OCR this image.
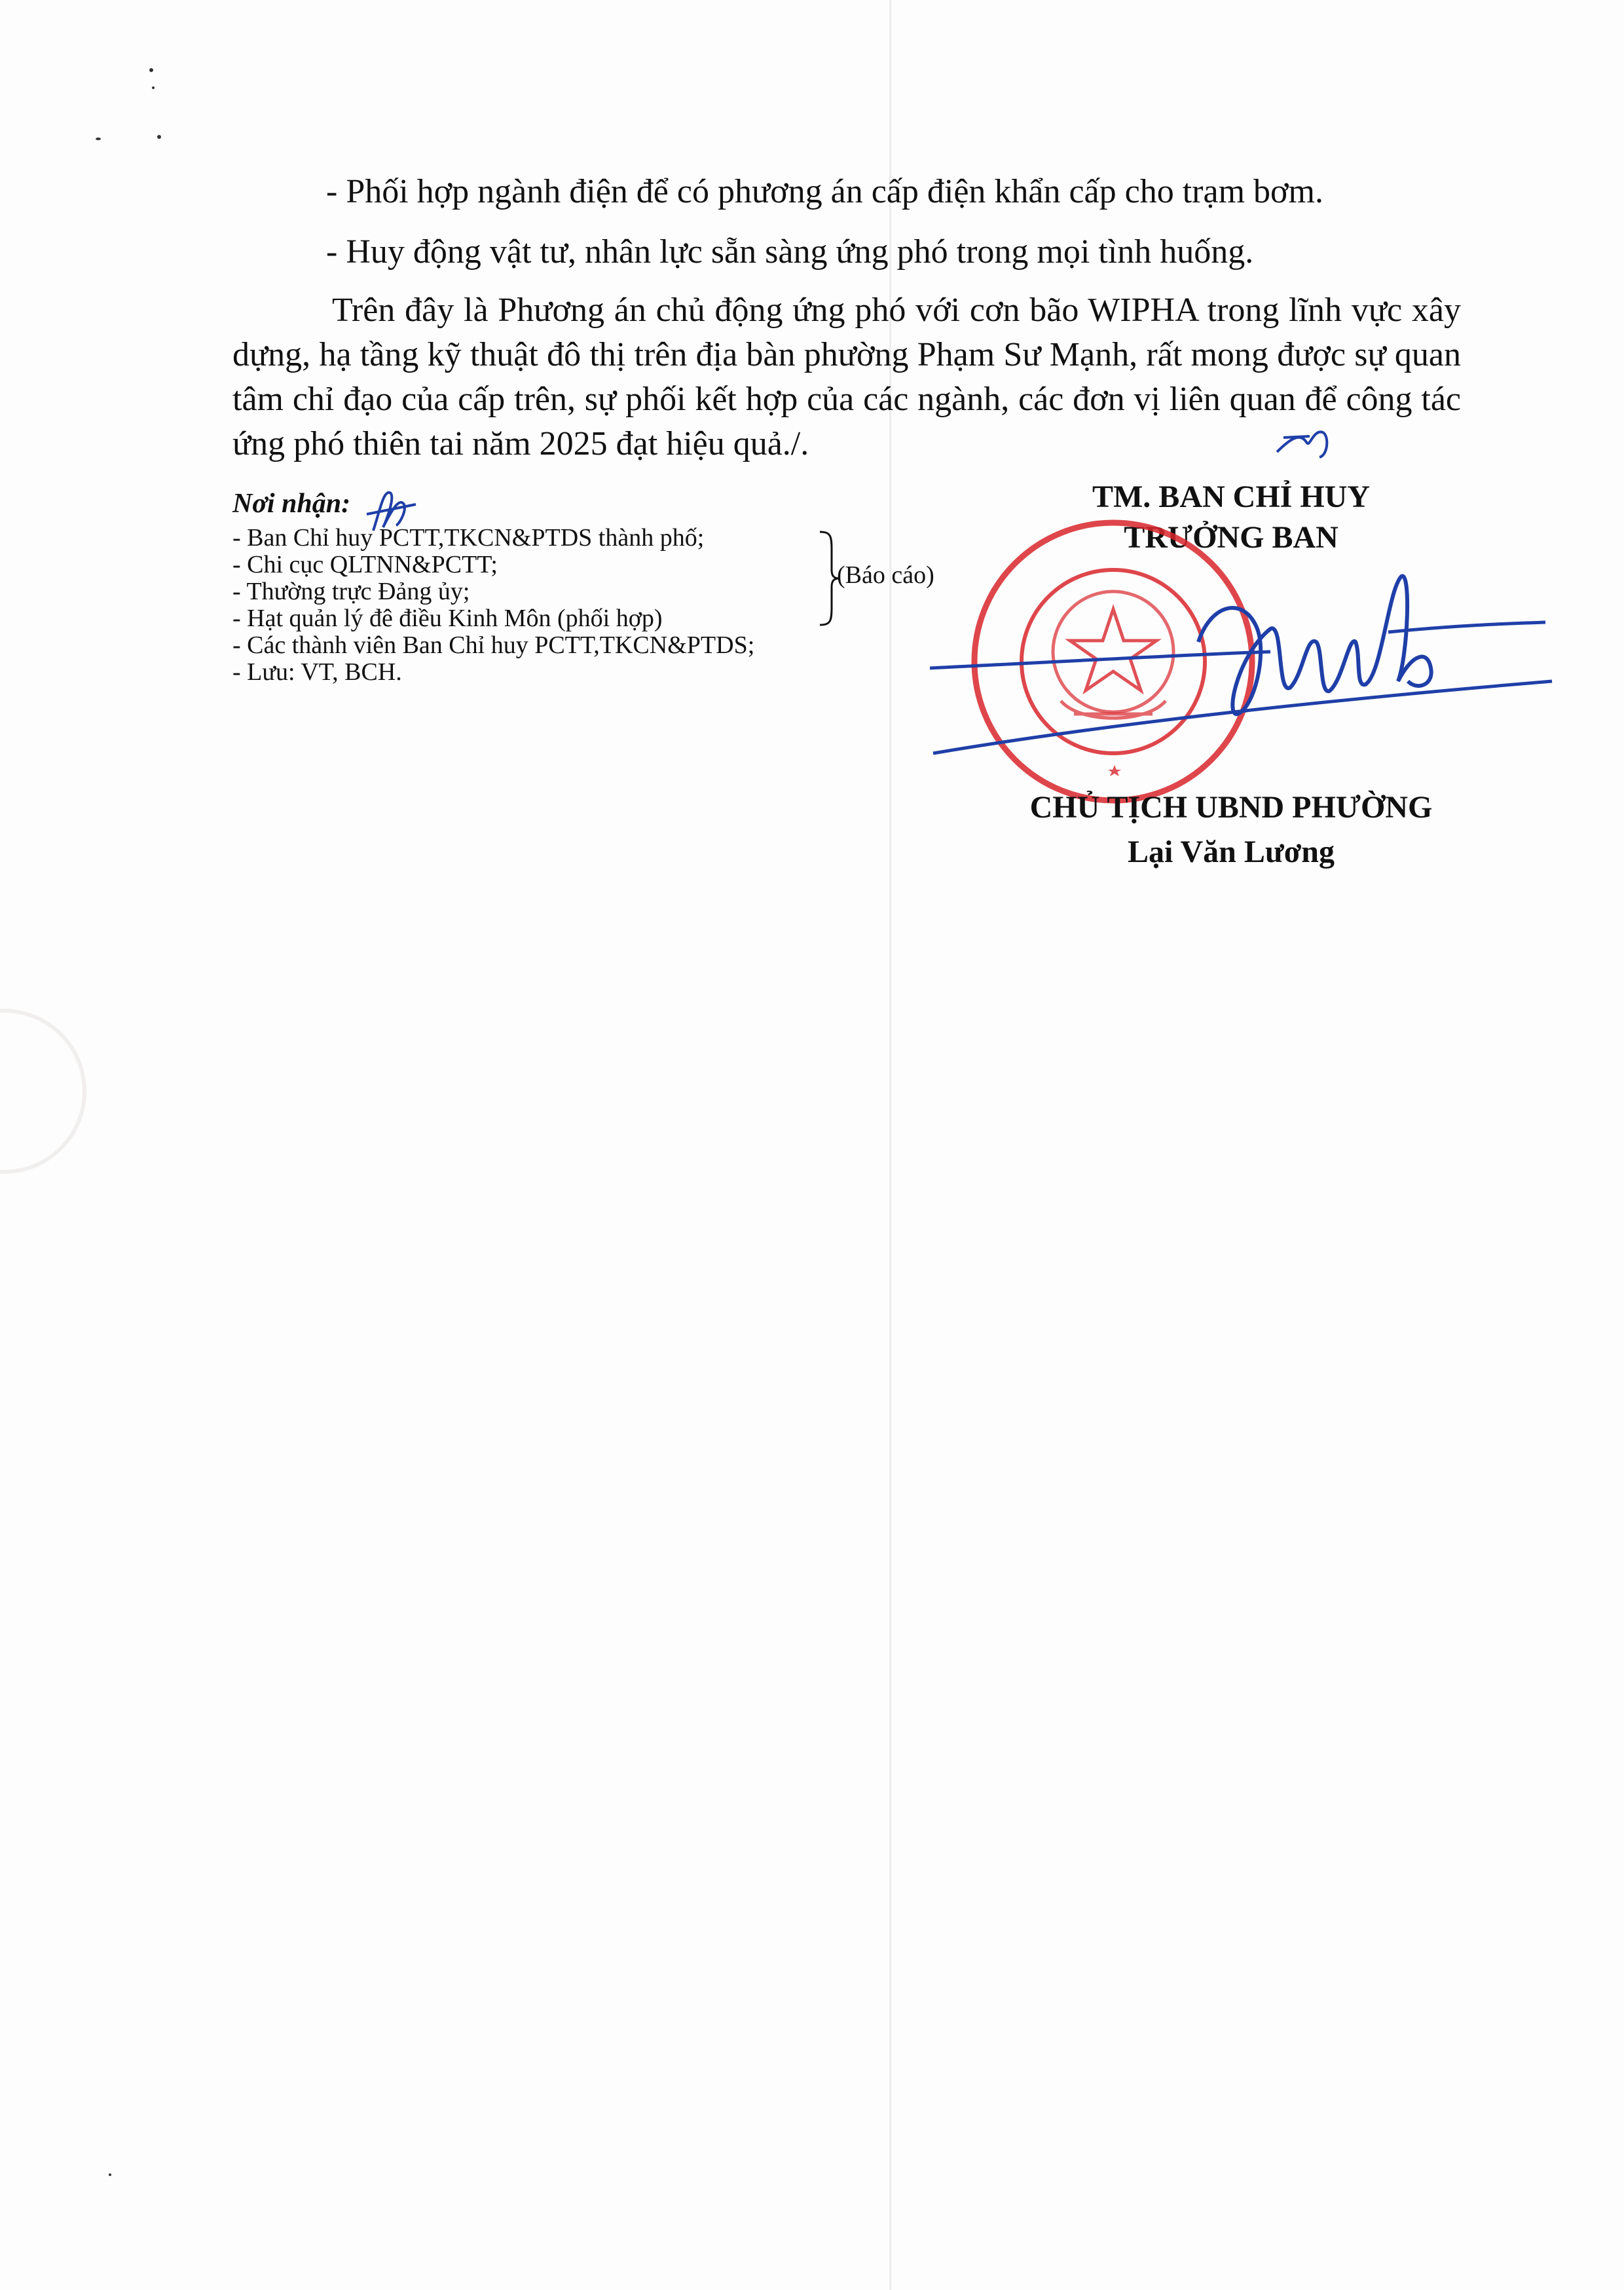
- Phối hợp ngành điện để có phương án cấp điện khẩn cấp cho trạm bơm.
- Huy động vật tư, nhân lực sẵn sàng ứng phó trong mọi tình huống.
Trên đây là Phương án chủ động ứng phó với cơn bão WIPHA trong lĩnh vực xây dựng, hạ tầng kỹ thuật đô thị trên địa bàn phường Phạm Sư Mạnh, rất mong được sự quan tâm chỉ đạo của cấp trên, sự phối kết hợp của các ngành, các đơn vị liên quan để công tác ứng phó thiên tai năm 2025 đạt hiệu quả./.
Nơi nhận:
- Ban Chỉ huy PCTT,TKCN&PTDS thành phố;
- Chi cục QLTNN&PCTT;
- Thường trực Đảng ủy;
- Hạt quản lý đê điều Kinh Môn (phối hợp)
- Các thành viên Ban Chỉ huy PCTT,TKCN&PTDS;
- Lưu: VT, BCH.
(Báo cáo)
TM. BAN CHỈ HUY
TRƯỞNG BAN
CHỦ TỊCH UBND PHƯỜNG
Lại Văn Lương
